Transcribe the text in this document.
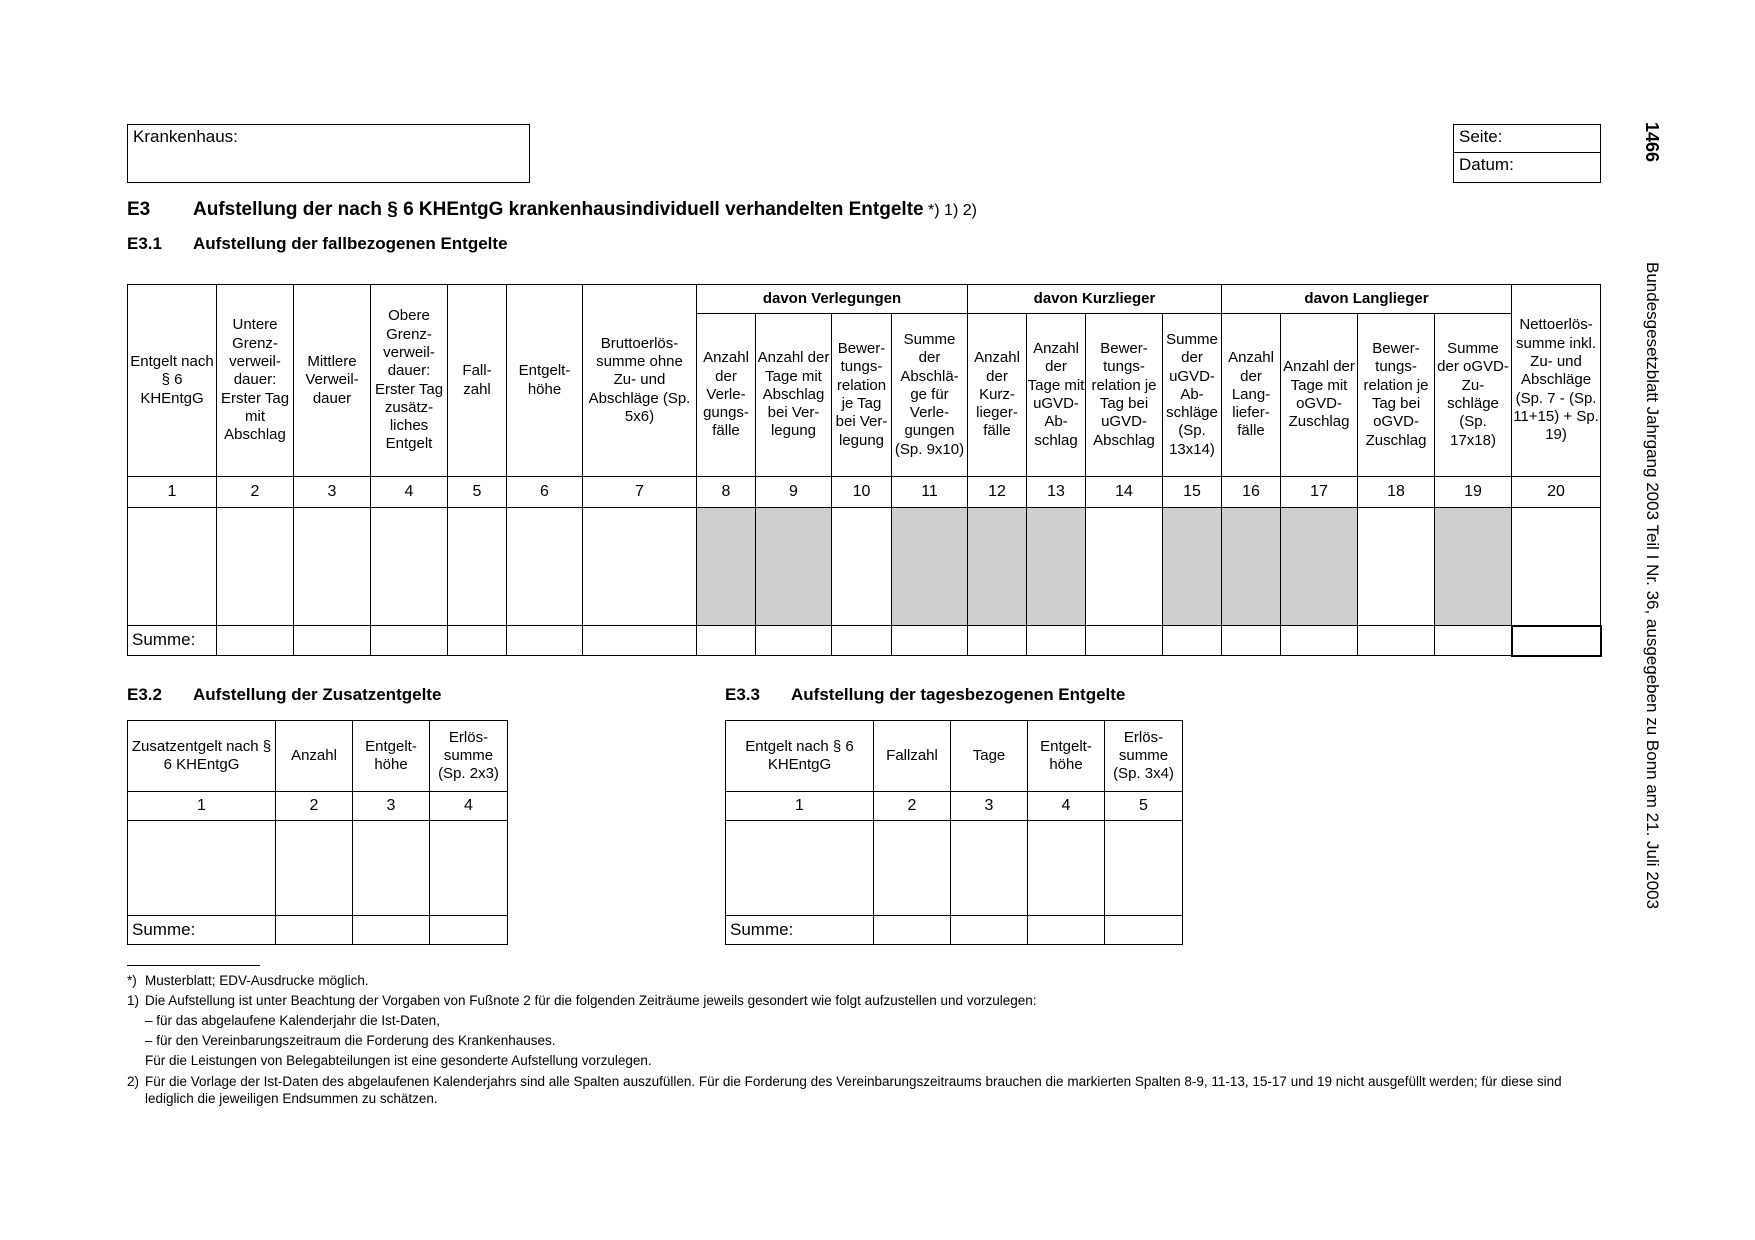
Krankenhaus:	Seite:
Datum:
1466
Bundesgesetzblatt Jahrgang 2003 Teil I Nr. 36, ausgegeben zu Bonn am 21. Juli 2003
E3 Aufstellung der nach § 6 KHEntgG krankenhausindividuell verhandelten Entgelte *) 1) 2)
E3.1 Aufstellung der fallbezogenen Entgelte
Entgelt nach § 6 KHEntgG	Untere Grenz- verweil- dauer: Erster Tag mit Abschlag	Mittlere Verweil- dauer	Obere Grenz- verweil- dauer: Erster Tag zusätz- liches Entgelt	Fall- zahl	Entgelt- höhe	Bruttoerlös- summe ohne Zu- und Abschläge (Sp. 5x6)	davon Verlegungen				davon Kurzlieger				davon Langlieger				Nettoerlös- summe inkl. Zu- und Abschläge (Sp. 7 - (Sp. 11+15) + Sp. 19)
							Anzahl der Verle- gungs- fälle	Anzahl der Tage mit Abschlag bei Ver- legung	Bewer- tungs- relation je Tag bei Ver- legung	Summe der Abschlä- ge für Verle- gungen (Sp. 9x10)	Anzahl der Kurz- lieger- fälle	Anzahl der Tage mit uGVD- Ab- schlag	Bewer- tungs- relation je Tag bei uGVD- Abschlag	Summe der uGVD- Ab- schläge (Sp. 13x14)	Anzahl der Lang- liefer- fälle	Anzahl der Tage mit oGVD- Zuschlag	Bewer- tungs- relation je Tag bei oGVD- Zuschlag	Summe der oGVD- Zu- schläge (Sp. 17x18)	
1	2	3	4	5	6	7	8	9	10	11	12	13	14	15	16	17	18	19	20

Summe:																			
E3.2 Aufstellung der Zusatzentgelte
Zusatzentgelt nach § 6 KHEntgG	Anzahl	Entgelt- höhe	Erlös- summe (Sp. 2x3)
1	2	3	4

Summe:			
E3.3 Aufstellung der tagesbezogenen Entgelte
Entgelt nach § 6 KHEntgG	Fallzahl	Tage	Entgelt- höhe	Erlös- summe (Sp. 3x4)
1	2	3	4	5

Summe:				
*) Musterblatt; EDV-Ausdrucke möglich.
1) Die Aufstellung ist unter Beachtung der Vorgaben von Fußnote 2 für die folgenden Zeiträume jeweils gesondert wie folgt aufzustellen und vorzulegen:
– für das abgelaufene Kalenderjahr die Ist-Daten,
– für den Vereinbarungszeitraum die Forderung des Krankenhauses.
Für die Leistungen von Belegabteilungen ist eine gesonderte Aufstellung vorzulegen.
2) Für die Vorlage der Ist-Daten des abgelaufenen Kalenderjahrs sind alle Spalten auszufüllen. Für die Forderung des Vereinbarungszeitraums brauchen die markierten Spalten 8-9, 11-13, 15-17 und 19 nicht ausgefüllt werden; für diese sind lediglich die jeweiligen Endsummen zu schätzen.
